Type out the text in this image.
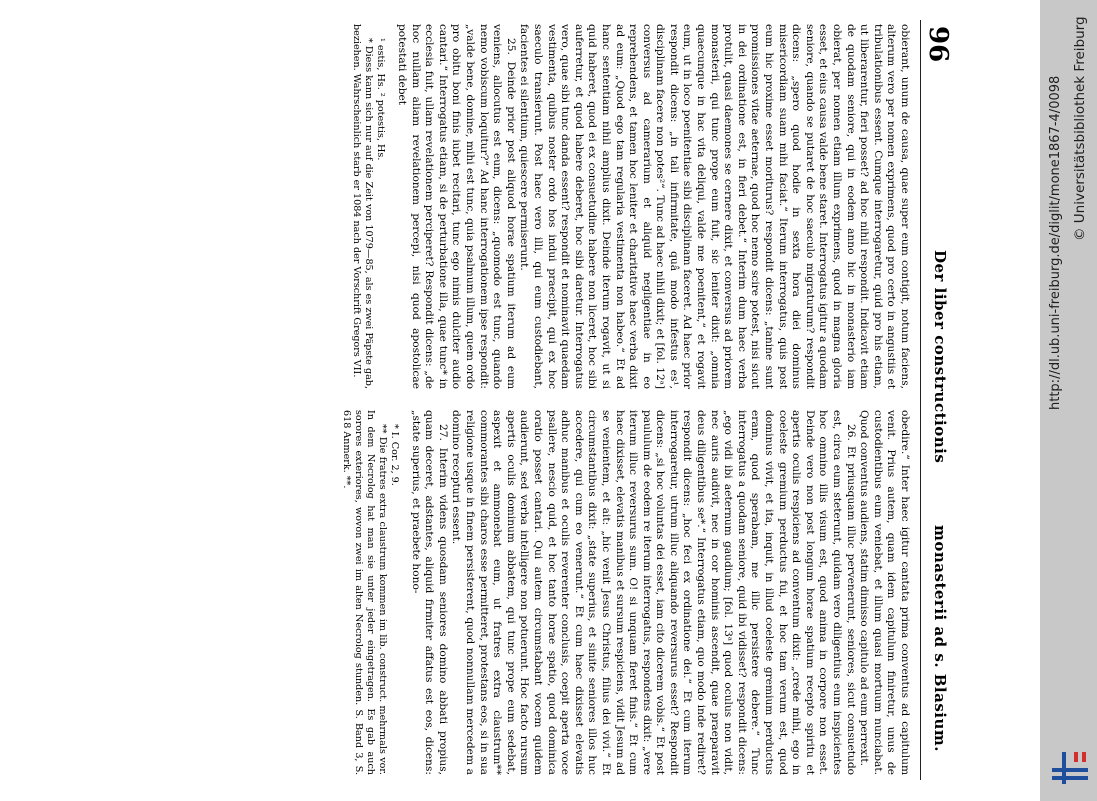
96
Der liber constructionis
monasterii ad s. Blasium.

obierant, unum de causa, quae super eum contigit, notum faciens, alterum vero per nomen exprimens, quod pro certo in angustiis et tribulationibus essent. Cumque interrogaretur, quid pro his etiam, ut liberarentur, fieri posset? ad hoc nihil respondit. Indicavit etiam de quodam seniore, qui in eodem anno hic in monasterio iam obierat, per nomen etiam illum exprimens, quod in magna gloria esset, et eius causa valde bene staret. Interrogatus igitur a quodam seniore, quando se putaret de hoc saeculo migraturum? respondit dicens: „spero quod hodie in sexta hora diei dominus misericordiam suam mihi faciat.“ Iterum interrogatus, quis post eum hic proxime esset moriturus? respondit dicens: „tanine sunt promissiones vitae aeternae, quod hoc nemo scire potest, nisi sicut in dei ordinatione est, in fieri debet.“ Interim dum haec verba protulit, quasi daemones se cernere dixit, et conversus ad priorem monasterii, qui tunc prope eum fuit, sic leniter dixit: „omnia quaecunque in hac vita deliqui, valde me poenitent,“ et rogavit eum, ut in loco poenitentiae sibi disciplinam faceret. Ad haec prior respondit dicens: „in tali infirmitate, quâ modo infestus es¹, disciplinam facere non potes²“. Tunc ad haec nihil dixit; et [fol. 12ᵃ] conversus ad camerarium et aliquid negligentiae in eo reprehendens, et tamen hoc leniter et charitative haec verba dixit ad eum: „Quod ego tam regularia vestimenta non habeo.“ Et ad hanc sententiam nihil amplius dixit. Deinde iterum rogavit, ut si quid haberet, quod ei ex consuetudine habere non liceret, hoc sibi auferretur, et quod habere deberet, hoc sibi daretur. Interrogatus vero, quae sibi tunc danda essent? respondit et nominavit quaedam vestimenta, quibus noster ordo hos indui praecipit, qui ex hoc saeculo transierunt. Post haec vero illi, qui eum custodiebant, facientes ei silentium, quiescere permiserunt.

25. Deinde prior post aliquod horae spatium iterum ad eum veniens, allocutus est eum, dicens: „quomodo est tunc, quando nemo vobiscum loquitur?“ Ad hanc interrogationem ipse respondit: „valde bene, domine, mihi est tunc, quia psalmum illum, quem ordo pro obitu boni finis iubet recitari, tunc ego nimis dulciter audio cantari.“ Interrogatus etiam, si de perturbatione illa, quae tunc* in ecclesia fuit, ullam revelationem perciperet? Respondit dicens: „de hoc nullam aliam revelationem percepi, nisi quod apostolicae potestati debet

¹ estis, Hs. ² potestis, Hs.

* Diess kann sich nur auf die Zeit von 1079—85, als es zwei Päpste gab, beziehen. Wahrscheinlich starb er 1084 nach der Vorschrift Gregors VII.

obedire.“ Inter haec igitur cantata prima conventus ad capitulum venit. Prius autem, quam idem capitulum finiretur, unus de custodientibus eum veniebat, et illum quasi mortuum nunciabat. Quod conventus audiens, statim dimisso capitulo ad eum perrexit.

26. Et priusquam illuc pervenerunt, seniores, sicut consuetudo est, circa eum steterunt, quidam vero diligentius eum inspicientes hoc omnino illis visum est, quod anima in corpore non esset. Deinde vero non post longum horae spatium recepto spiritu et apertis oculis respiciens ad conventum dixit: „crede mihi, ego in coeleste gremium perductus fui, et hoc tam verum est, quod dominus vivit, et ita, inquit, in illud coeleste gremium perductus eram, quod sperabam, me illic persistere debere.“ Tunc interrogatus a quodam seniore, quid ibi vidisset? respondit dicens: „ego vidi ibi aeternum gaudium; [fol. 13ᵃ] quod oculus non vidit, nec auris audivit, nec in cor hominis ascendit, quae praeparavit deus diligentibus se*.“ Interrogatus etiam, quo modo inde rediret? respondit dicens: „hoc feci ex ordinatione dei.“ Et cum iterum interrogaretur, utrum illuc aliquando reversurus esset? Respondit dicens: „si hoc voluntas dei esset, iam cito dicerem vobis.“ Et post paululum de eodem re iterum interrogatus, respondens dixit: „vere iterum illuc reversurus sum. O! si unquam fieret finis.“ Et cum haec dixisset, elevatis manibus et sursum respiciens, vidit Jesum ad se venientem, et ait: „hic venit Jesus Christus, filius dei vivi.“ Et circumstantibus dixit: „state superius, et sinite seniores illos huc accedere, qui cum eo venerunt.“ Et cum haec dixisset elevatis adhuc manibus et oculis reverenter conclusis, coepit aperta voce psallere, nescio quid, et hoc tanto horae spatio, quod dominica oratio posset cantari. Qui autem circumstabant vocem quidem audierunt, sed verba intelligere non potuerunt. Hoc facto rursum apertis oculis dominum abbatem, qui tunc prope eum sedebat, aspexit et ammonebat eum, ut fratres extra claustrum** commorantes sibi charos esse permitteret, protestans eos, si in sua religione usque in finem persisterent, quod nonnullam mercedem a domino recepturi essent.

27. Interim videns quosdam seniores domino abbati propius, quam deceret, adstantes, aliquid firmiter affatus est eos, dicens: „state superius, et praebete hono-

* I. Cor. 2, 9.

** Die fratres extra claustrum kommen im lib. construct. mehrmals vor. In dem Necrolog hat man sie unter jeder eingetragen. Es gab auch sorores exteriores, wovon zwei im alten Necrolog stunden. S. Band 3, S. 618 Anmerk. **.

http://dl.ub.uni-freiburg.de/diglit/mone1867-4/0098 © Universitätsbibliothek Freiburg
